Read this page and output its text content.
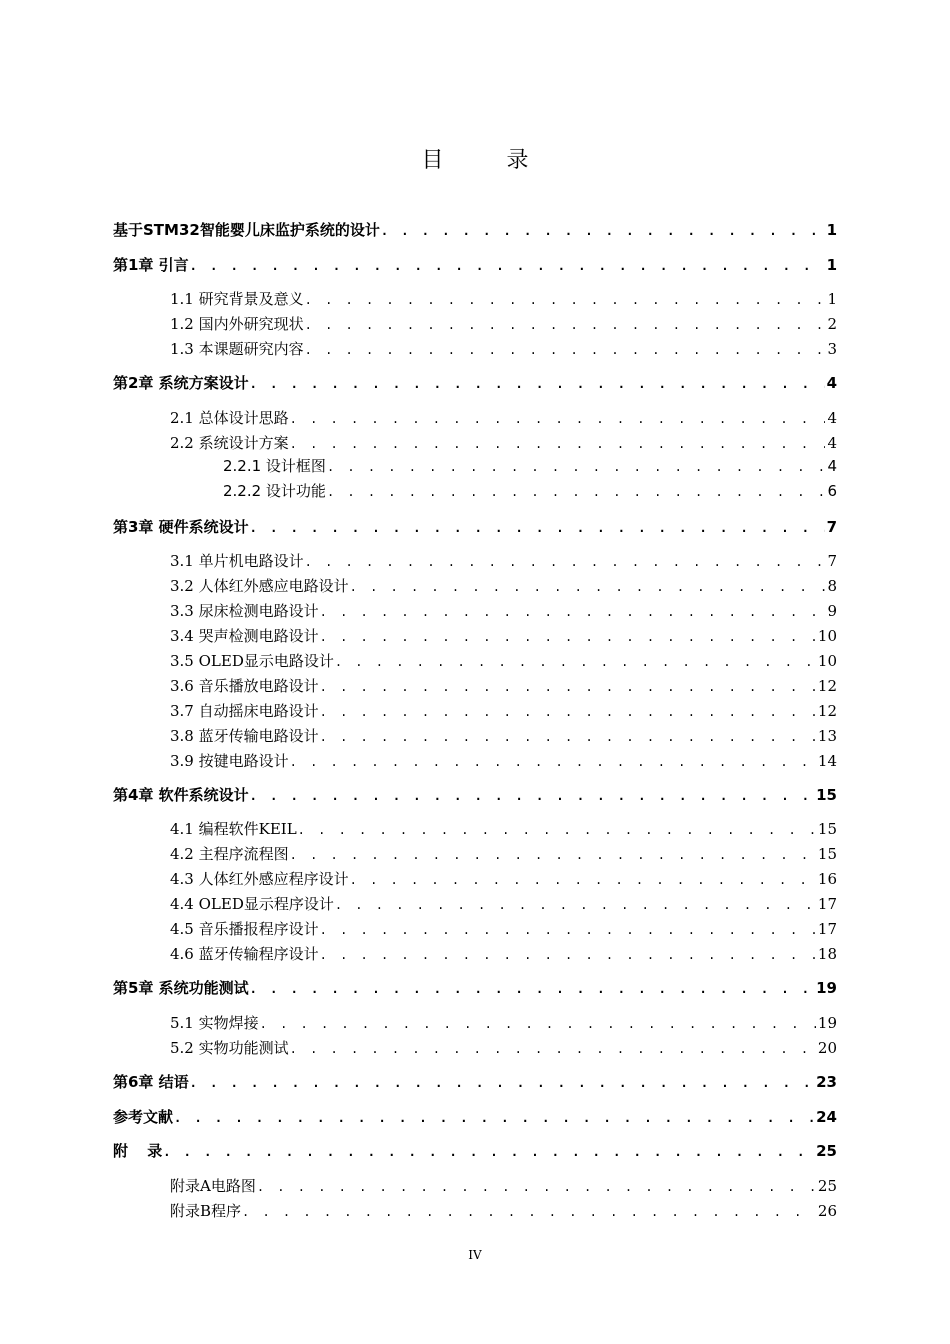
目 录
基于STM32智能婴儿床监护系统的设计 . . .	1
第1章 引言 . . .	1
1.1 研究背景及意义 . . .	1
1.2 国内外研究现状 . . .	2
1.3 本课题研究内容 . . .	3
第2章 系统方案设计 . . .	4
2.1 总体设计思路 . . .	4
2.2 系统设计方案 . . .	4
2.2.1 设计框图 . . .	4
2.2.2 设计功能 . . .	6
第3章 硬件系统设计 . . .	7
3.1 单片机电路设计 . . .	7
3.2 人体红外感应电路设计 . . .	8
3.3 尿床检测电路设计 . . .	9
3.4 哭声检测电路设计 . . .	10
3.5 OLED显示电路设计 . . .	10
3.6 音乐播放电路设计 . . .	12
3.7 自动摇床电路设计 . . .	12
3.8 蓝牙传输电路设计 . . .	13
3.9 按键电路设计 . . .	14
第4章 软件系统设计 . . .	15
4.1 编程软件KEIL . . .	15
4.2 主程序流程图 . . .	15
4.3 人体红外感应程序设计 . . .	16
4.4 OLED显示程序设计 . . .	17
4.5 音乐播报程序设计 . . .	17
4.6 蓝牙传输程序设计 . . .	18
第5章 系统功能测试 . . .	19
5.1 实物焊接 . . .	19
5.2 实物功能测试 . . .	20
第6章 结语 . . .	23
参考文献 . . .	24
附 录 . . .	25
附录A电路图 . . .	25
附录B程序 . . .	26
IV
